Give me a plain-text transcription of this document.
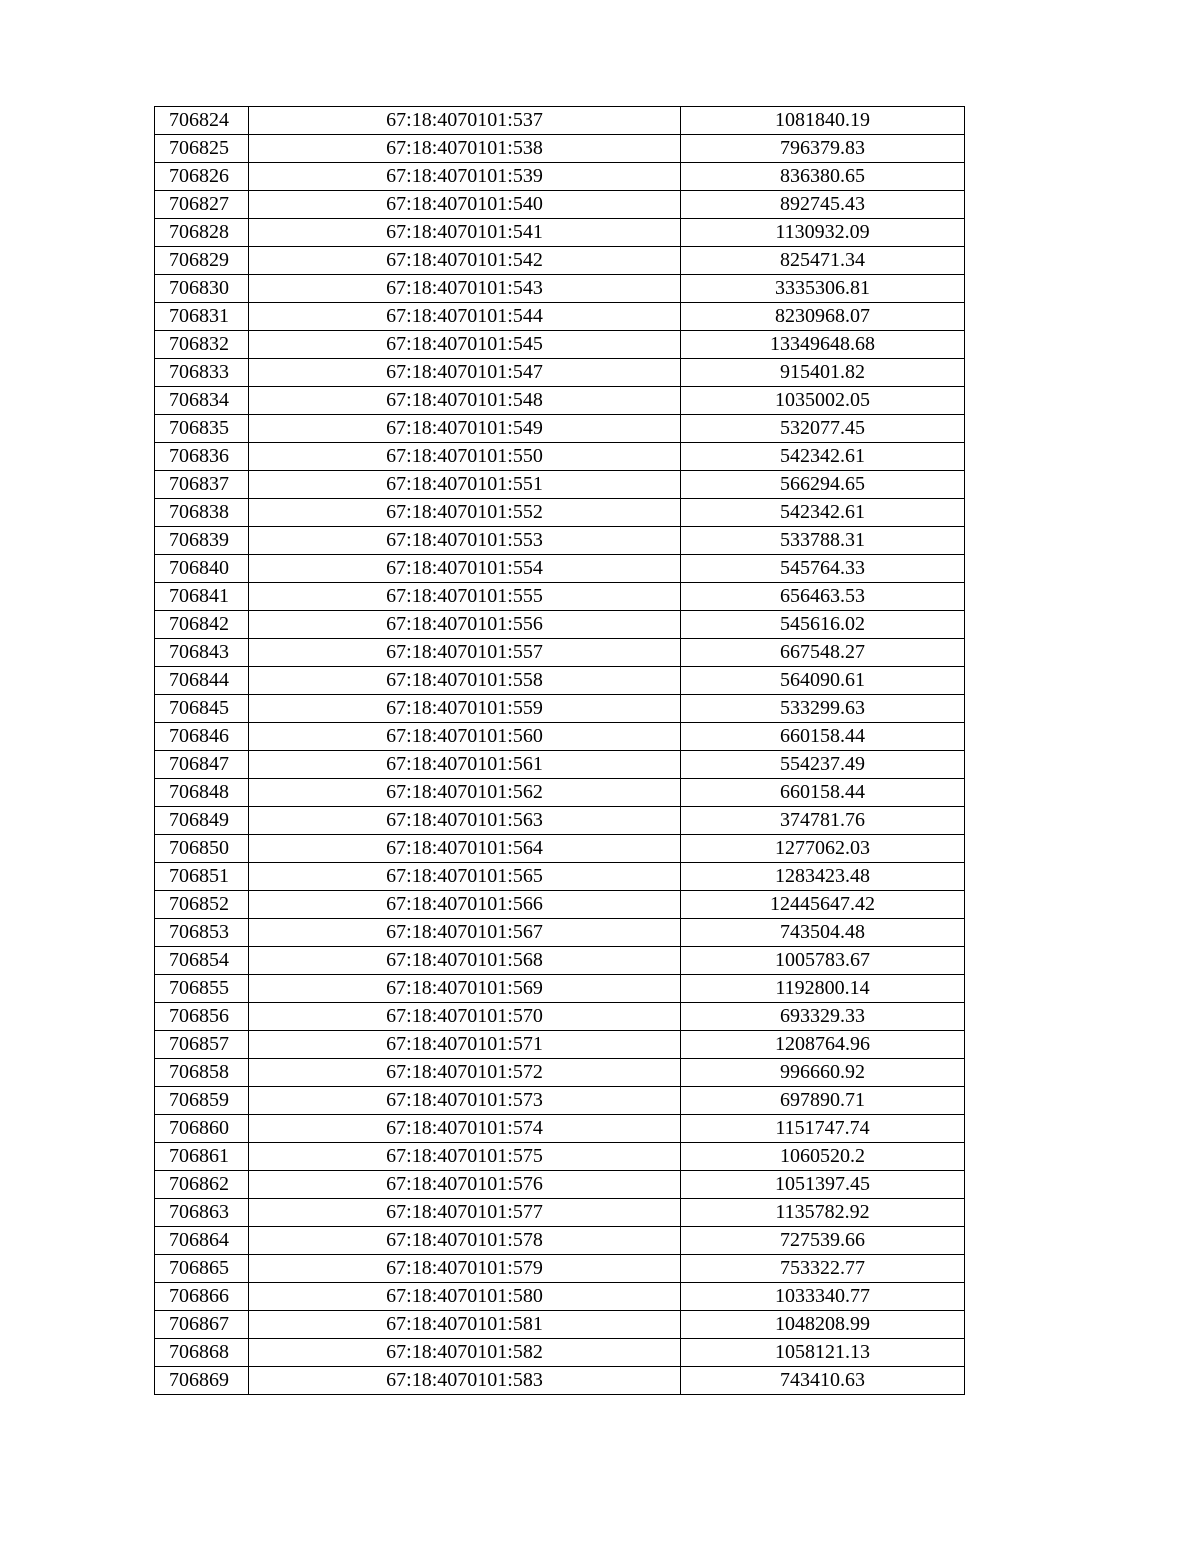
706824	67:18:4070101:537	1081840.19
706825	67:18:4070101:538	796379.83
706826	67:18:4070101:539	836380.65
706827	67:18:4070101:540	892745.43
706828	67:18:4070101:541	1130932.09
706829	67:18:4070101:542	825471.34
706830	67:18:4070101:543	3335306.81
706831	67:18:4070101:544	8230968.07
706832	67:18:4070101:545	13349648.68
706833	67:18:4070101:547	915401.82
706834	67:18:4070101:548	1035002.05
706835	67:18:4070101:549	532077.45
706836	67:18:4070101:550	542342.61
706837	67:18:4070101:551	566294.65
706838	67:18:4070101:552	542342.61
706839	67:18:4070101:553	533788.31
706840	67:18:4070101:554	545764.33
706841	67:18:4070101:555	656463.53
706842	67:18:4070101:556	545616.02
706843	67:18:4070101:557	667548.27
706844	67:18:4070101:558	564090.61
706845	67:18:4070101:559	533299.63
706846	67:18:4070101:560	660158.44
706847	67:18:4070101:561	554237.49
706848	67:18:4070101:562	660158.44
706849	67:18:4070101:563	374781.76
706850	67:18:4070101:564	1277062.03
706851	67:18:4070101:565	1283423.48
706852	67:18:4070101:566	12445647.42
706853	67:18:4070101:567	743504.48
706854	67:18:4070101:568	1005783.67
706855	67:18:4070101:569	1192800.14
706856	67:18:4070101:570	693329.33
706857	67:18:4070101:571	1208764.96
706858	67:18:4070101:572	996660.92
706859	67:18:4070101:573	697890.71
706860	67:18:4070101:574	1151747.74
706861	67:18:4070101:575	1060520.2
706862	67:18:4070101:576	1051397.45
706863	67:18:4070101:577	1135782.92
706864	67:18:4070101:578	727539.66
706865	67:18:4070101:579	753322.77
706866	67:18:4070101:580	1033340.77
706867	67:18:4070101:581	1048208.99
706868	67:18:4070101:582	1058121.13
706869	67:18:4070101:583	743410.63
